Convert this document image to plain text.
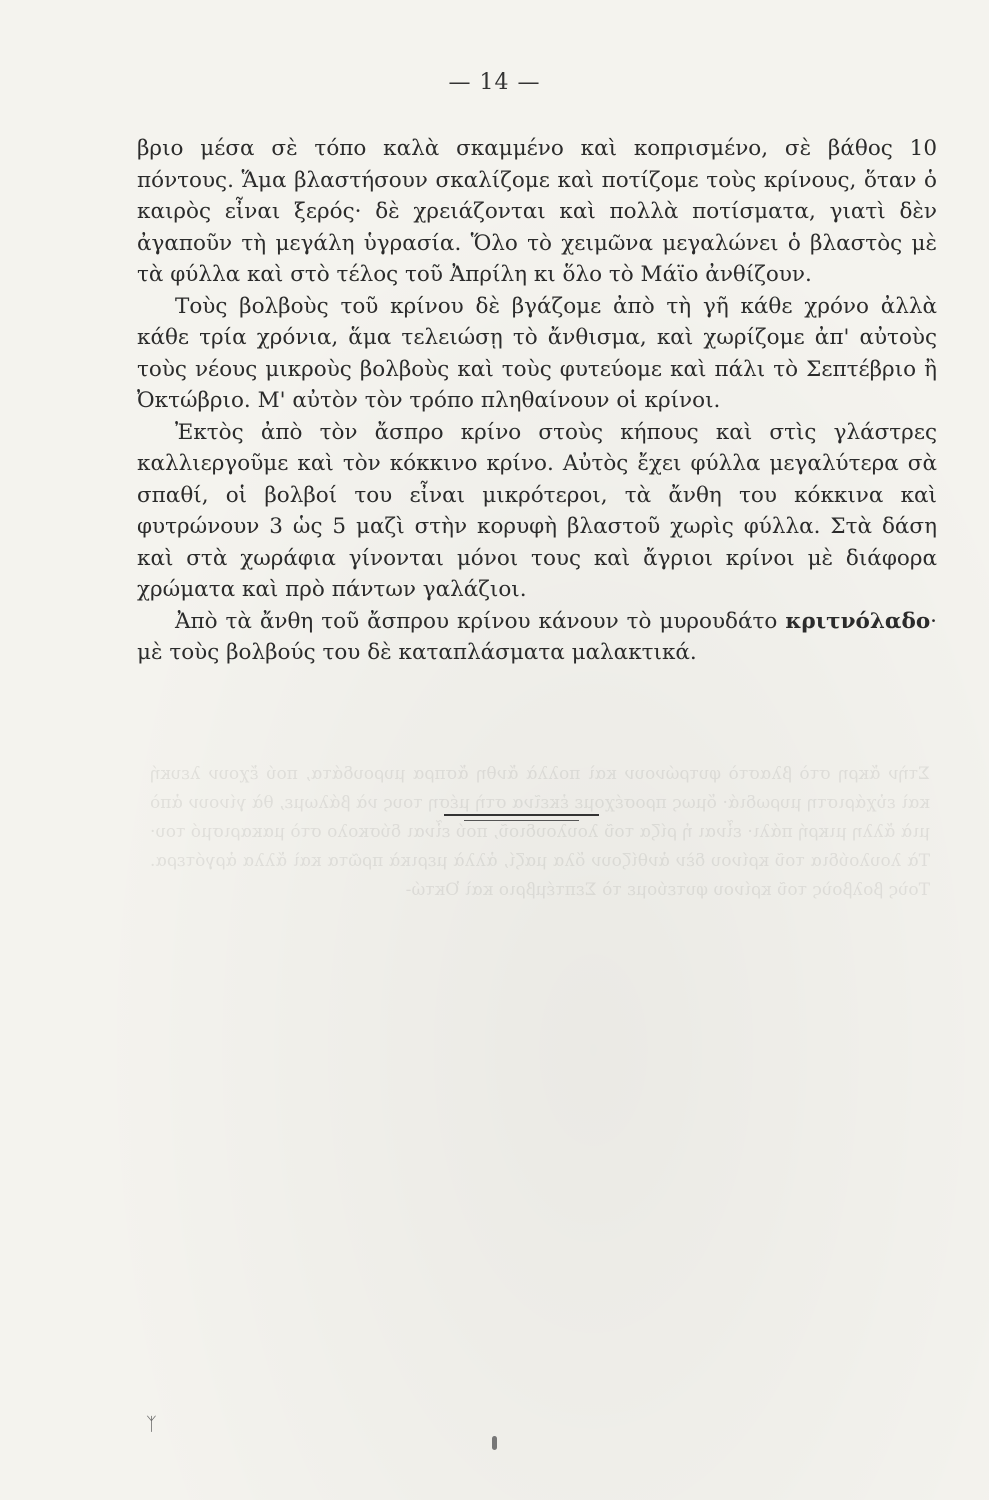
Στὴν ἄκρη στὸ βλαστὸ φυτρώνουν καὶ πολλὰ ἄνθη ἄσπρα μυρουδάτα, πού ἔχουν λευκή καὶ εὐχάριστη μυρωδιά· ὅμως προσέχομε ἐκεῖνα στὴ μέση τους νὰ βάλωμε, θὰ γίνουν ἀπὸ μιὰ ἄλλη μικρή πάλι· εἶναι ἡ ρίζα τοῦ λουλουδιοῦ, πού εἶναι δύσκολο στὸ μακαρισμό του· Τὰ λουλούδια τοῦ κρίνου δὲν ἀνθίζουν ὅλα μαζί, ἀλλὰ μερικὰ πρῶτα καὶ ἄλλα ἀργότερα. Τοὺς βολβοὺς τοῦ κρίνου φυτεύομε τὸ Σεπτέμβριο καὶ Ὀκτώ-
— 14 —

βριο μέσα σὲ τόπο καλὰ σκαμμένο καὶ κοπρισμένο, σὲ βάθος 10 πόντους. Ἅμα βλαστήσουν σκαλίζομε καὶ ποτίζομε τοὺς κρίνους, ὅταν ὁ καιρὸς εἶναι ξερός· δὲ χρειάζονται καὶ πολλὰ ποτίσματα, γιατὶ δὲν ἀγαποῦν τὴ μεγάλη ὑγρασία. Ὅλο τὸ χειμῶνα μεγαλώνει ὁ βλαστὸς μὲ τὰ φύλλα καὶ στὸ τέλος τοῦ Ἀπρίλη κι ὅλο τὸ Μάϊο ἀνθίζουν.

Τοὺς βολβοὺς τοῦ κρίνου δὲ βγάζομε ἀπὸ τὴ γῆ κάθε χρόνο ἀλλὰ κάθε τρία χρόνια, ἅμα τελειώσῃ τὸ ἄνθισμα, καὶ χωρίζομε ἀπ' αὐτοὺς τοὺς νέους μικροὺς βολβοὺς καὶ τοὺς φυτεύομε καὶ πάλι τὸ Σεπτέβριο ἢ Ὀκτώβριο. Μ' αὐτὸν τὸν τρόπο πληθαίνουν οἱ κρίνοι.

Ἐκτὸς ἀπὸ τὸν ἄσπρο κρίνο στοὺς κήπους καὶ στὶς γλάστρες καλλιεργοῦμε καὶ τὸν κόκκινο κρίνο. Αὐτὸς ἔχει φύλλα μεγαλύτερα σὰ σπαθί, οἱ βολβοί του εἶναι μικρότεροι, τὰ ἄνθη του κόκκινα καὶ φυτρώνουν 3 ὡς 5 μαζὶ στὴν κορυφὴ βλαστοῦ χωρὶς φύλλα. Στὰ δάση καὶ στὰ χωράφια γίνονται μόνοι τους καὶ ἄγριοι κρίνοι μὲ διάφορα χρώματα καὶ πρὸ πάντων γαλάζιοι.

Ἀπὸ τὰ ἄνθη τοῦ ἄσπρου κρίνου κάνουν τὸ μυρουδάτο κριτνόλαδο· μὲ τοὺς βολβούς του δὲ καταπλάσματα μαλακτικά.

ᛉ
